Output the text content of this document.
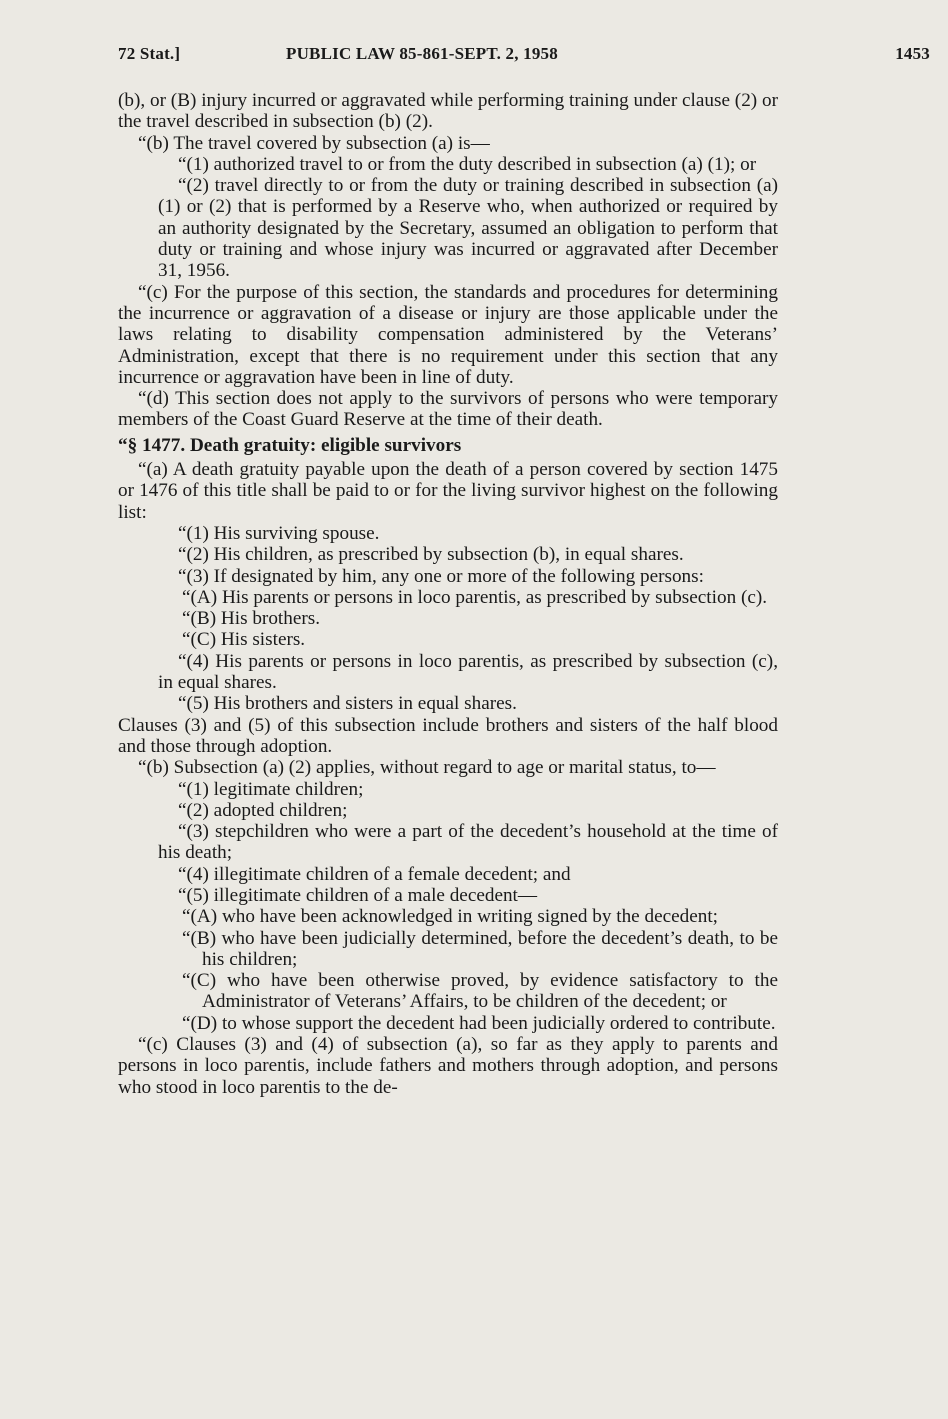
72 Stat.]	PUBLIC LAW 85-861-SEPT. 2, 1958	1453

(b), or (B) injury incurred or aggravated while performing training under clause (2) or the travel described in subsection (b) (2).

“(b) The travel covered by subsection (a) is—

“(1) authorized travel to or from the duty described in subsection (a) (1); or

“(2) travel directly to or from the duty or training described in subsection (a) (1) or (2) that is performed by a Reserve who, when authorized or required by an authority designated by the Secretary, assumed an obligation to perform that duty or training and whose injury was incurred or aggravated after December 31, 1956.

“(c) For the purpose of this section, the standards and procedures for determining the incurrence or aggravation of a disease or injury are those applicable under the laws relating to disability compensation administered by the Veterans’ Administration, except that there is no requirement under this section that any incurrence or aggravation have been in line of duty.

“(d) This section does not apply to the survivors of persons who were temporary members of the Coast Guard Reserve at the time of their death.

“§ 1477. Death gratuity: eligible survivors

“(a) A death gratuity payable upon the death of a person covered by section 1475 or 1476 of this title shall be paid to or for the living survivor highest on the following list:

“(1) His surviving spouse.

“(2) His children, as prescribed by subsection (b), in equal shares.

“(3) If designated by him, any one or more of the following persons:

“(A) His parents or persons in loco parentis, as prescribed by subsection (c).

“(B) His brothers.

“(C) His sisters.

“(4) His parents or persons in loco parentis, as prescribed by subsection (c), in equal shares.

“(5) His brothers and sisters in equal shares.

Clauses (3) and (5) of this subsection include brothers and sisters of the half blood and those through adoption.

“(b) Subsection (a) (2) applies, without regard to age or marital status, to—

“(1) legitimate children;

“(2) adopted children;

“(3) stepchildren who were a part of the decedent’s household at the time of his death;

“(4) illegitimate children of a female decedent; and

“(5) illegitimate children of a male decedent—

“(A) who have been acknowledged in writing signed by the decedent;

“(B) who have been judicially determined, before the decedent’s death, to be his children;

“(C) who have been otherwise proved, by evidence satisfactory to the Administrator of Veterans’ Affairs, to be children of the decedent; or

“(D) to whose support the decedent had been judicially ordered to contribute.

“(c) Clauses (3) and (4) of subsection (a), so far as they apply to parents and persons in loco parentis, include fathers and mothers through adoption, and persons who stood in loco parentis to the de-
